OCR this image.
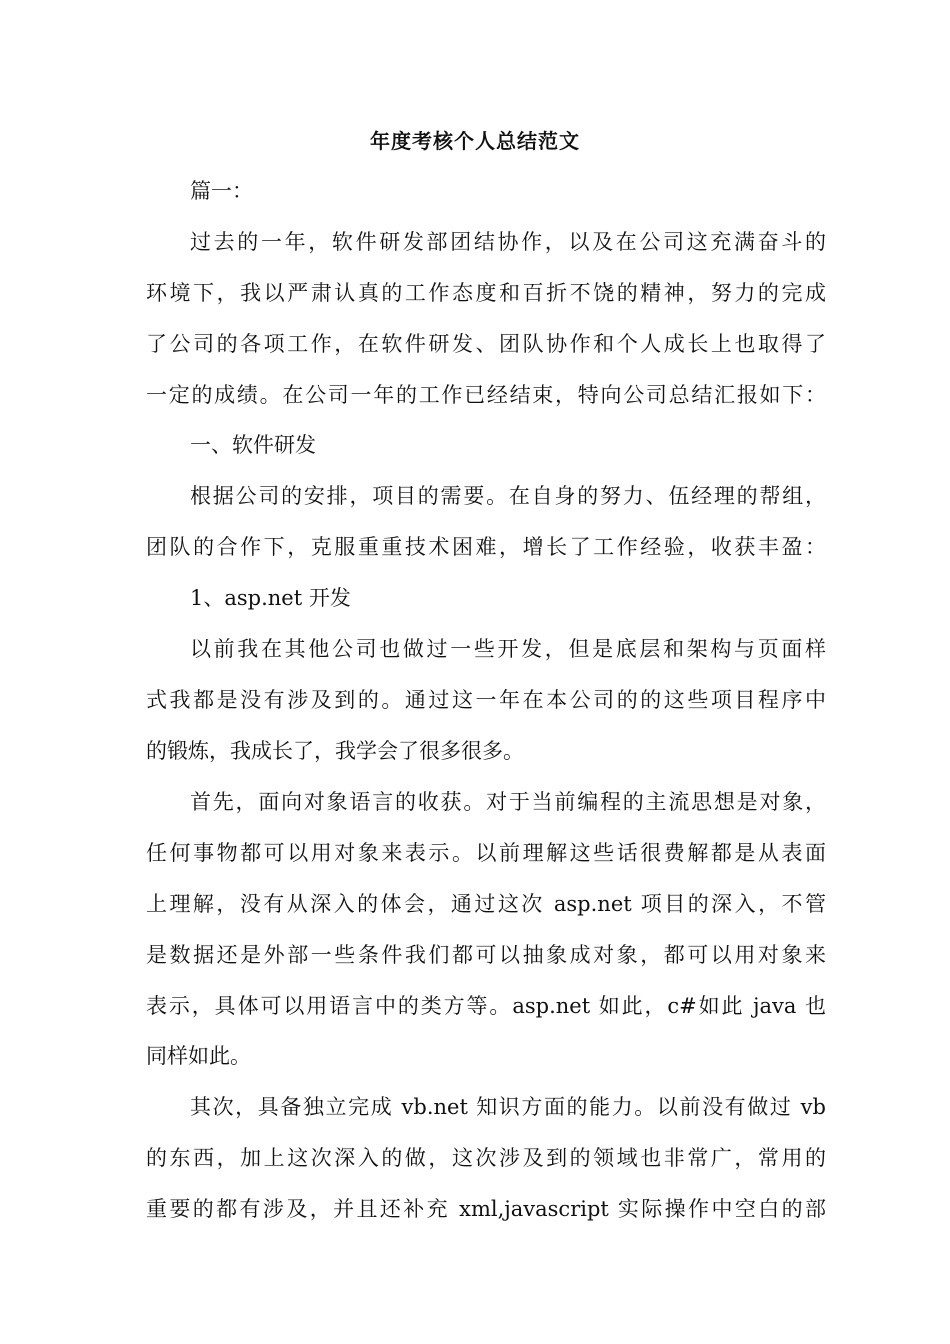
年度考核个人总结范文
篇一：
过去的一年，软件研发部团结协作，以及在公司这充满奋斗的
环境下，我以严肃认真的工作态度和百折不饶的精神，努力的完成
了公司的各项工作，在软件研发、团队协作和个人成长上也取得了
一定的成绩。在公司一年的工作已经结束，特向公司总结汇报如下：
一、软件研发
根据公司的安排，项目的需要。在自身的努力、伍经理的帮组，
团队的合作下，克服重重技术困难，增长了工作经验，收获丰盈：
1、asp.net 开发
以前我在其他公司也做过一些开发，但是底层和架构与页面样
式我都是没有涉及到的。通过这一年在本公司的的这些项目程序中
的锻炼，我成长了，我学会了很多很多。
首先，面向对象语言的收获。对于当前编程的主流思想是对象，
任何事物都可以用对象来表示。以前理解这些话很费解都是从表面
上理解，没有从深入的体会，通过这次 asp.net 项目的深入，不管
是数据还是外部一些条件我们都可以抽象成对象，都可以用对象来
表示，具体可以用语言中的类方等。asp.net 如此，c#如此 java 也
同样如此。
其次，具备独立完成 vb.net 知识方面的能力。以前没有做过 vb
的东西，加上这次深入的做，这次涉及到的领域也非常广，常用的
重要的都有涉及，并且还补充 xml,javascript 实际操作中空白的部
